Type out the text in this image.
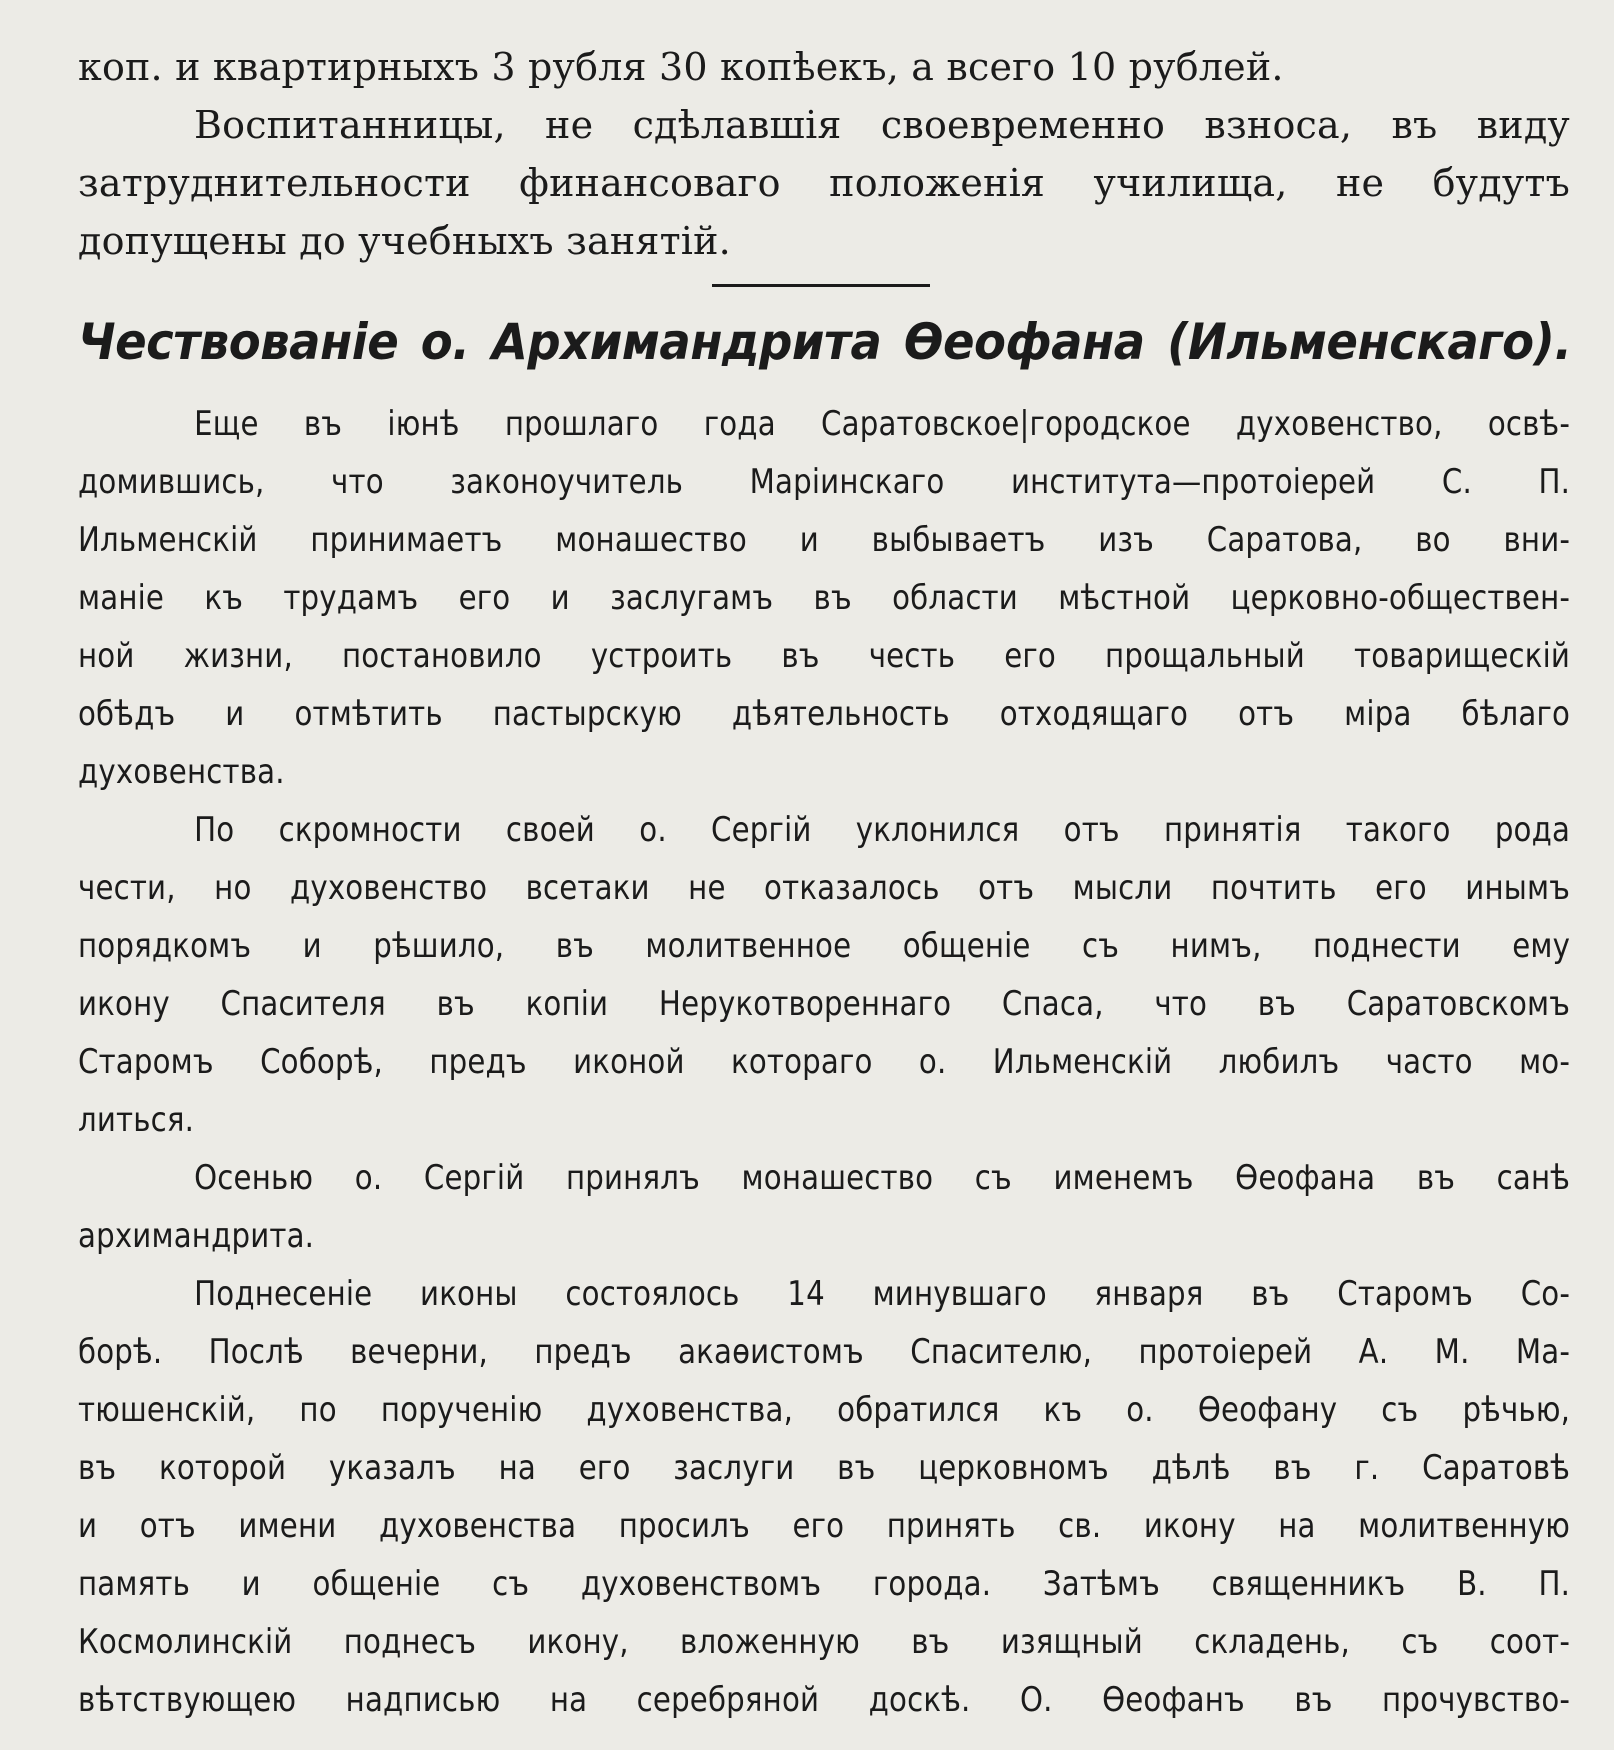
коп. и квартирныхъ 3 рубля 30 копѣекъ, а всего 10 рублей.
Воспитанницы, не сдѣлавшія своевременно взноса, въ виду
затруднительности финансоваго положенія училища, не будутъ
допущены до учебныхъ занятій.
Чествованіе о. Архимандрита Өеофана (Ильменскаго).
Еще въ іюнѣ прошлаго года Саратовское|городское духовенство, освѣ-
домившись, что законоучитель Маріинскаго института—протоіерей С. П.
Ильменскій принимаетъ монашество и выбываетъ изъ Саратова, во вни-
маніе къ трудамъ его и заслугамъ въ области мѣстной церковно-обществен-
ной жизни, постановило устроить въ честь его прощальный товарищескій
обѣдъ и отмѣтить пастырскую дѣятельность отходящаго отъ міра бѣлаго
духовенства.
По скромности своей о. Сергій уклонился отъ принятія такого рода
чести, но духовенство всетаки не отказалось отъ мысли почтить его инымъ
порядкомъ и рѣшило, въ молитвенное общеніе съ нимъ, поднести ему
икону Спасителя въ копіи Нерукотвореннаго Спаса, что въ Саратовскомъ
Старомъ Соборѣ, предъ иконой котораго о. Ильменскій любилъ часто мо-
литься.
Осенью о. Сергій принялъ монашество съ именемъ Өеофана въ санѣ
архимандрита.
Поднесеніе иконы состоялось 14 минувшаго января въ Старомъ Со-
борѣ. Послѣ вечерни, предъ акаѳистомъ Спасителю, протоіерей А. М. Ма-
тюшенскій, по порученію духовенства, обратился къ о. Өеофану съ рѣчью,
въ которой указалъ на его заслуги въ церковномъ дѣлѣ въ г. Саратовѣ
и отъ имени духовенства просилъ его принять св. икону на молитвенную
память и общеніе съ духовенствомъ города. Затѣмъ священникъ В. П.
Космолинскій поднесъ икону, вложенную въ изящный складень, съ соот-
вѣтствующею надписью на серебряной доскѣ. О. Өеофанъ въ прочувство-
